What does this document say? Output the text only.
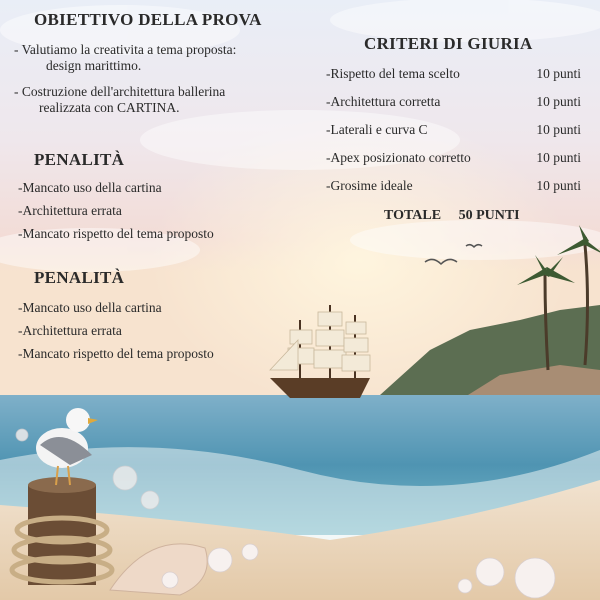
OBIETTIVO DELLA PROVA
- Valutiamo la creativita a tema proposta:
design marittimo.
- Costruzione dell'architettura ballerina
realizzata con CARTINA.
PENALITÀ
-Mancato uso della cartina
-Architettura errata
-Mancato rispetto del tema proposto
PENALITÀ
-Mancato uso della cartina
-Architettura errata
-Mancato rispetto del tema proposto
CRITERI DI GIURIA
-Rispetto del tema scelto	10 punti
-Architettura corretta	10 punti
-Laterali e curva C	10 punti
-Apex posizionato corretto	10 punti
-Grosime ideale	10 punti
TOTALE 50 PUNTI
